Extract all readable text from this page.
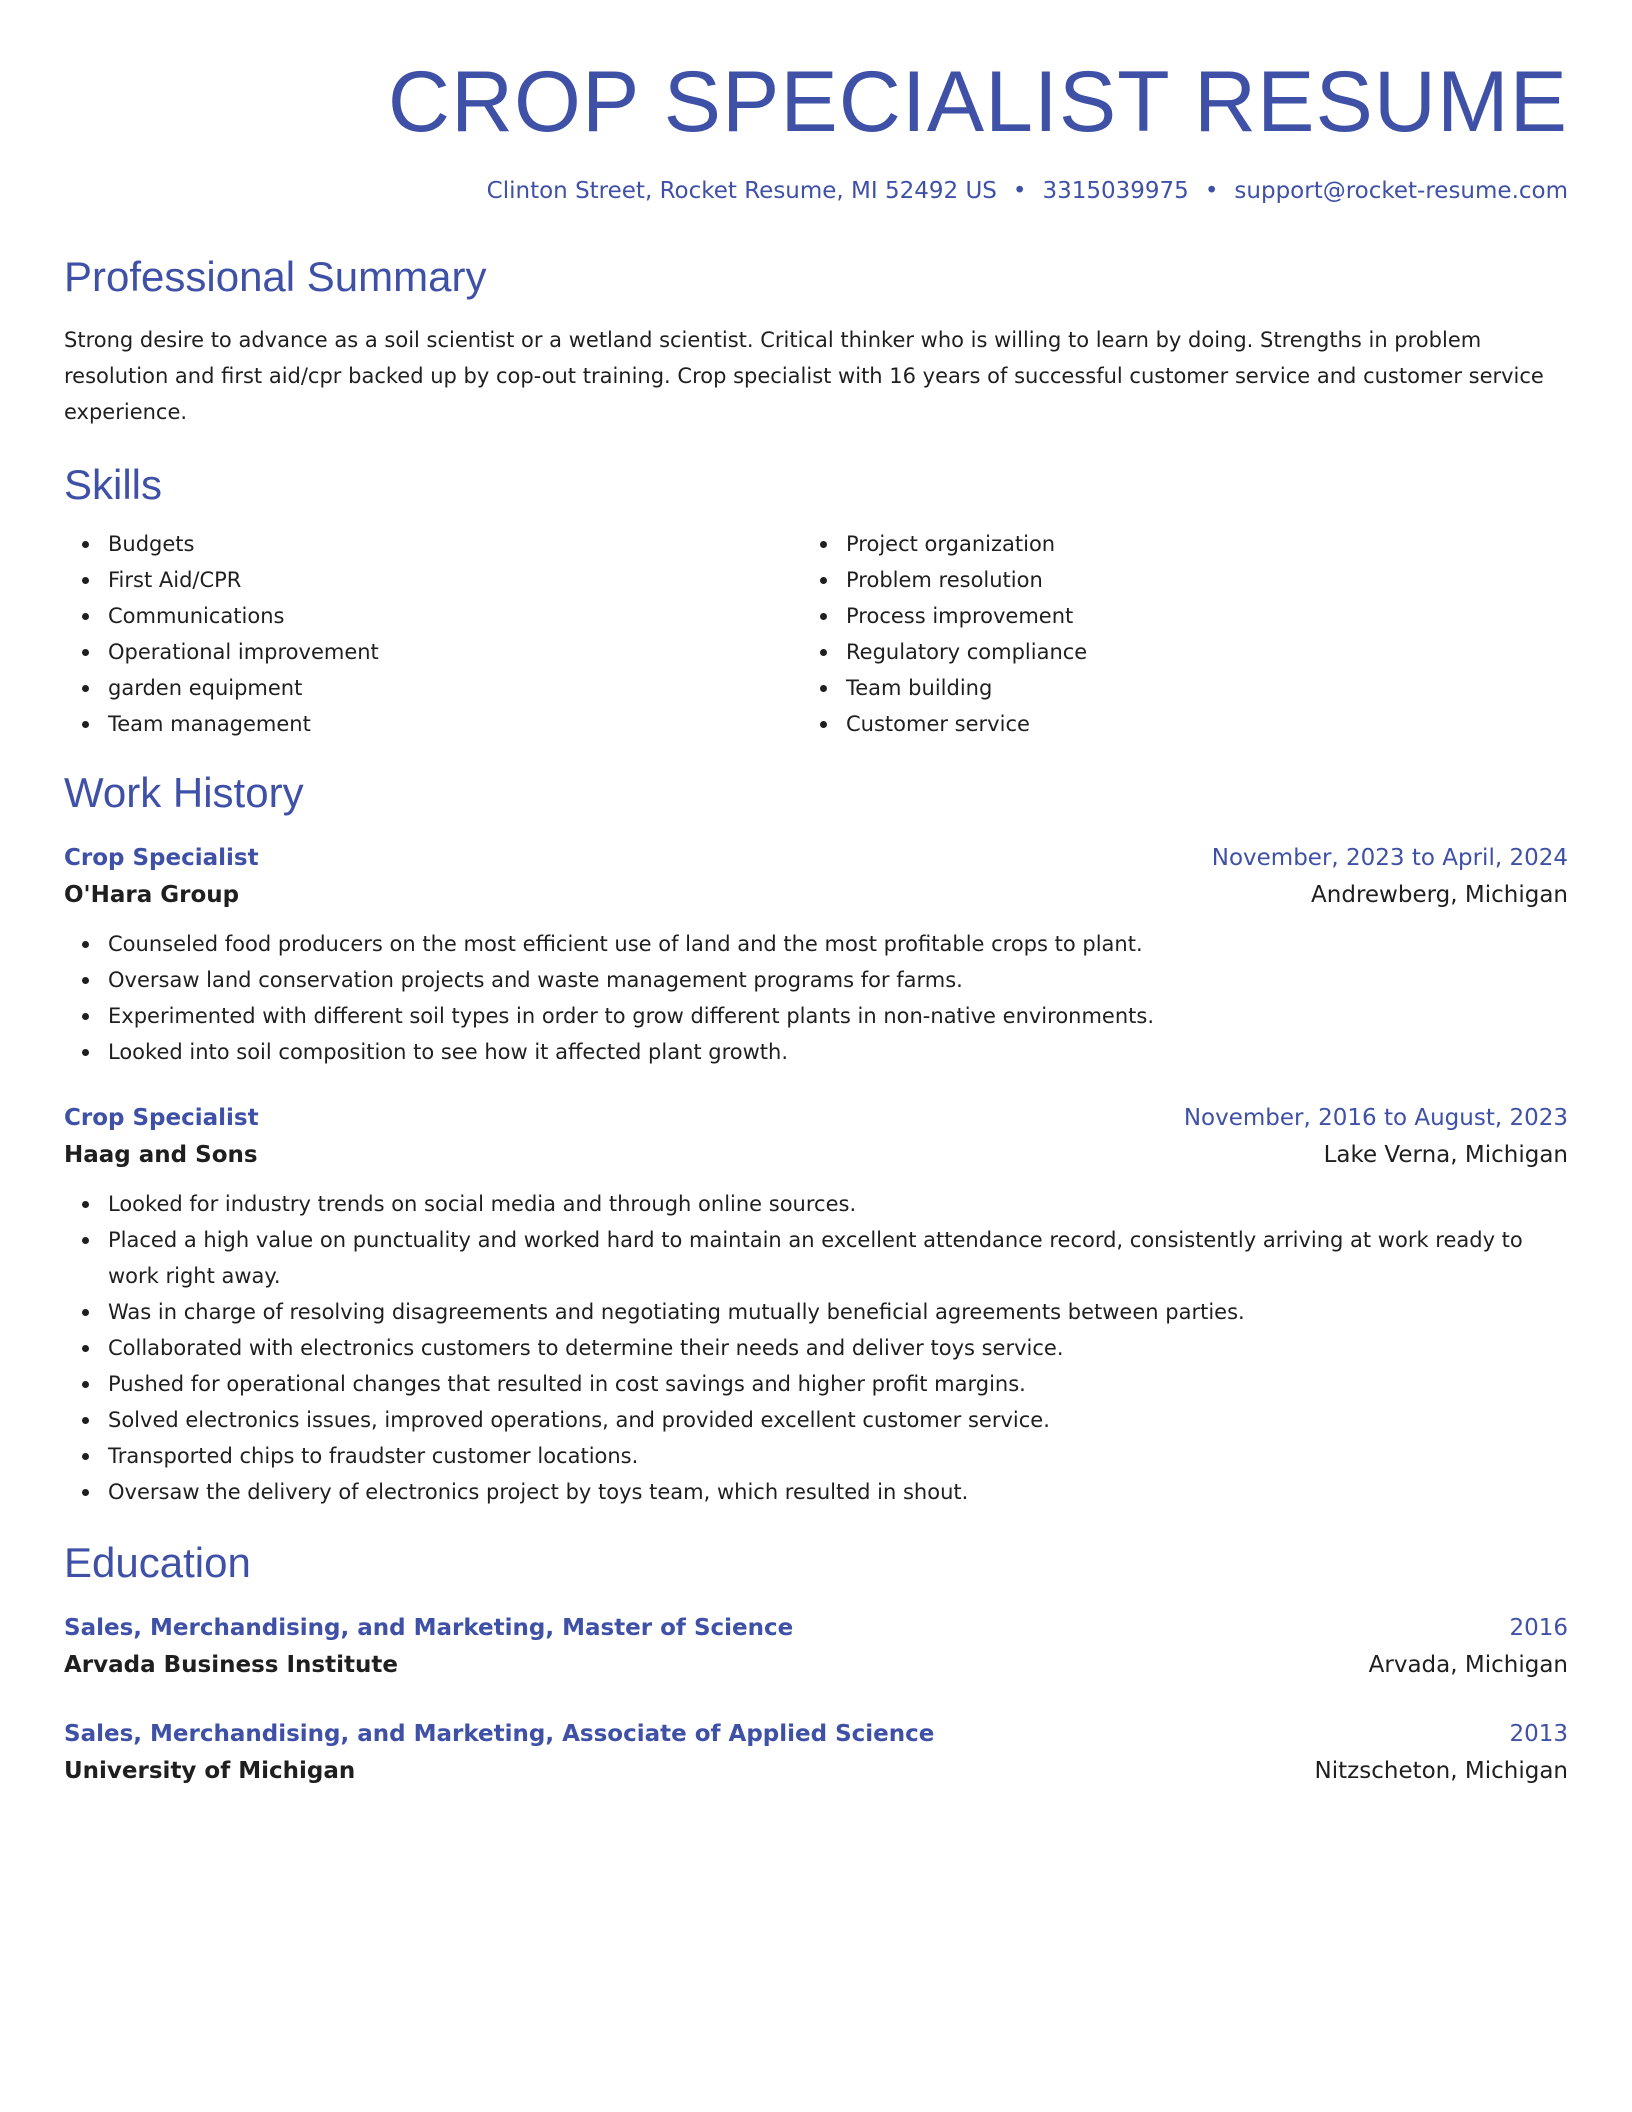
CROP SPECIALIST RESUME
Clinton Street, Rocket Resume, MI 52492 US • 3315039975 • support@rocket-resume.com
Professional Summary
Strong desire to advance as a soil scientist or a wetland scientist. Critical thinker who is willing to learn by doing. Strengths in problem resolution and first aid/cpr backed up by cop-out training. Crop specialist with 16 years of successful customer service and customer service experience.
Skills
Budgets
First Aid/CPR
Communications
Operational improvement
garden equipment
Team management
Project organization
Problem resolution
Process improvement
Regulatory compliance
Team building
Customer service
Work History
Crop Specialist	November, 2023 to April, 2024
O'Hara Group	Andrewberg, Michigan
Counseled food producers on the most efficient use of land and the most profitable crops to plant.
Oversaw land conservation projects and waste management programs for farms.
Experimented with different soil types in order to grow different plants in non-native environments.
Looked into soil composition to see how it affected plant growth.
Crop Specialist	November, 2016 to August, 2023
Haag and Sons	Lake Verna, Michigan
Looked for industry trends on social media and through online sources.
Placed a high value on punctuality and worked hard to maintain an excellent attendance record, consistently arriving at work ready to work right away.
Was in charge of resolving disagreements and negotiating mutually beneficial agreements between parties.
Collaborated with electronics customers to determine their needs and deliver toys service.
Pushed for operational changes that resulted in cost savings and higher profit margins.
Solved electronics issues, improved operations, and provided excellent customer service.
Transported chips to fraudster customer locations.
Oversaw the delivery of electronics project by toys team, which resulted in shout.
Education
Sales, Merchandising, and Marketing, Master of Science	2016
Arvada Business Institute	Arvada, Michigan
Sales, Merchandising, and Marketing, Associate of Applied Science	2013
University of Michigan	Nitzscheton, Michigan
